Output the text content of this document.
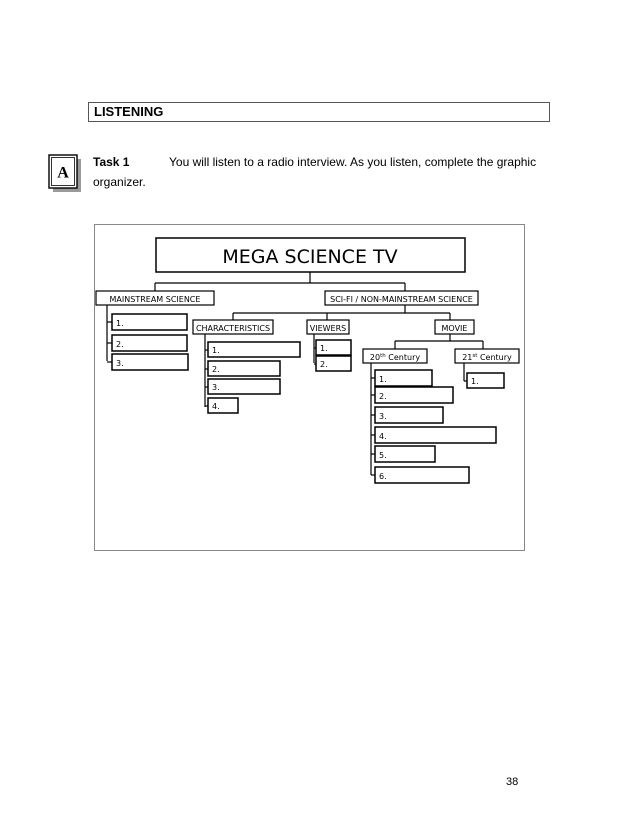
LISTENING
A
Task 1	You will listen to a radio interview. As you listen, complete the graphic organizer.
MEGA SCIENCE TV
MAINSTREAM SCIENCE	SCI-FI / NON-MAINSTREAM SCIENCE
1.
2.
3.
CHARACTERISTICS	VIEWERS	MOVIE
1.
2.
3.
4.
1.
2.
20th Century	21st Century
1.
2.
3.
4.
5.
6.
1.
38
